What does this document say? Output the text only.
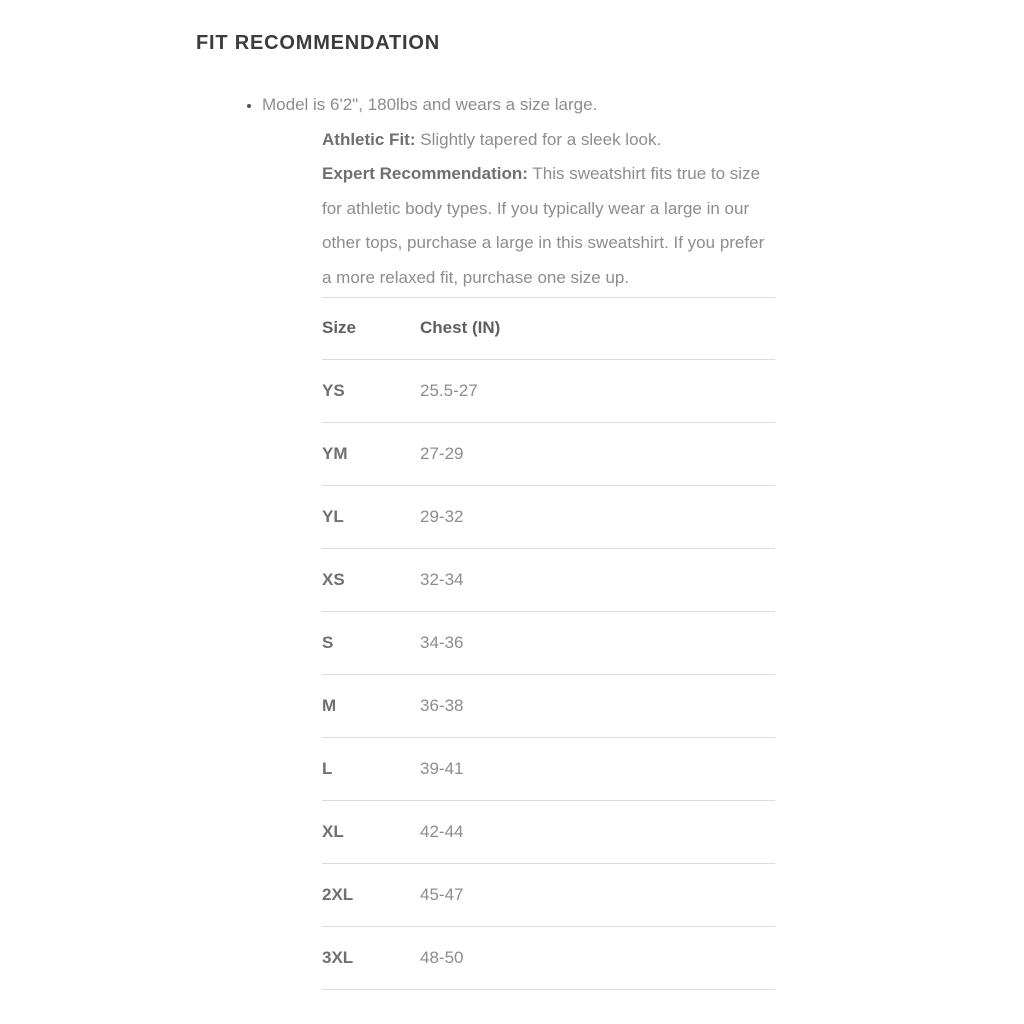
FIT RECOMMENDATION
• Model is 6'2", 180lbs and wears a size large.

Athletic Fit: Slightly tapered for a sleek look.

Expert Recommendation: This sweatshirt fits true to size for athletic body types. If you typically wear a large in our other tops, purchase a large in this sweatshirt. If you prefer a more relaxed fit, purchase one size up.

Size	Chest (IN)
YS	25.5-27
YM	27-29
YL	29-32
XS	32-34
S	34-36
M	36-38
L	39-41
XL	42-44
2XL	45-47
3XL	48-50
